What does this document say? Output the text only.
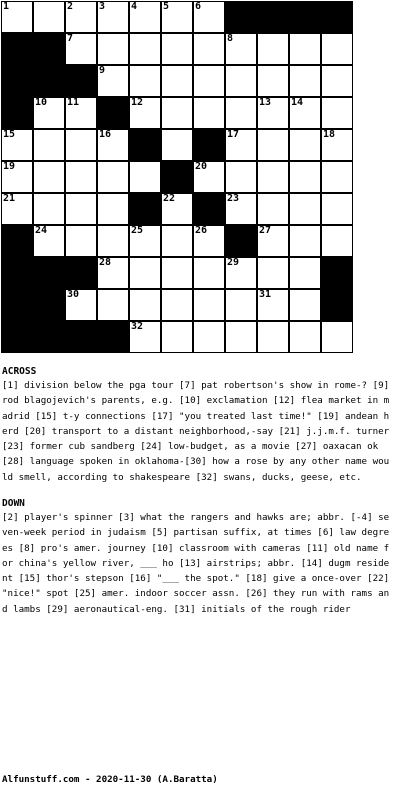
1	2	3	4	5	6
7	8
9
10 11	12	13 14
15	16	17	18
19	20
21	22	23
24	25	26	27
28	29
30	31
32
ACROSS
[1] division below the pga tour [7] pat robertson's show in rome-? [9] rod blagojevich's parents, e.g. [10] exclamation [12] flea market in madrid [15] t-y connections [17] "you treated last time!" [19] andean herd [20] transport to a distant neighborhood,-say [21] j.j.m.f. turner [23] former cub sandberg [24] low-budget, as a movie [27] oaxacan ok [28] language spoken in oklahoma-[30] how a rose by any other name would smell, according to shakespeare [32] swans, ducks, geese, etc.
DOWN
[2] player's spinner [3] what the rangers and hawks are; abbr. [-4] seven-week period in judaism [5] partisan suffix, at times [6] law degrees [8] pro's amer. journey [10] classroom with cameras [11] old name for china's yellow river, ___ ho [13] airstrips; abbr. [14] dugm resident [15] thor's stepson [16] "___ the spot." [18] give a once-over [22] "nice!" spot [25] amer. indoor soccer assn. [26] they run with rams and lambs [29] aeronautical-eng. [31] initials of the rough rider
Alfunstuff.com - 2020-11-30 (A.Baratta)
